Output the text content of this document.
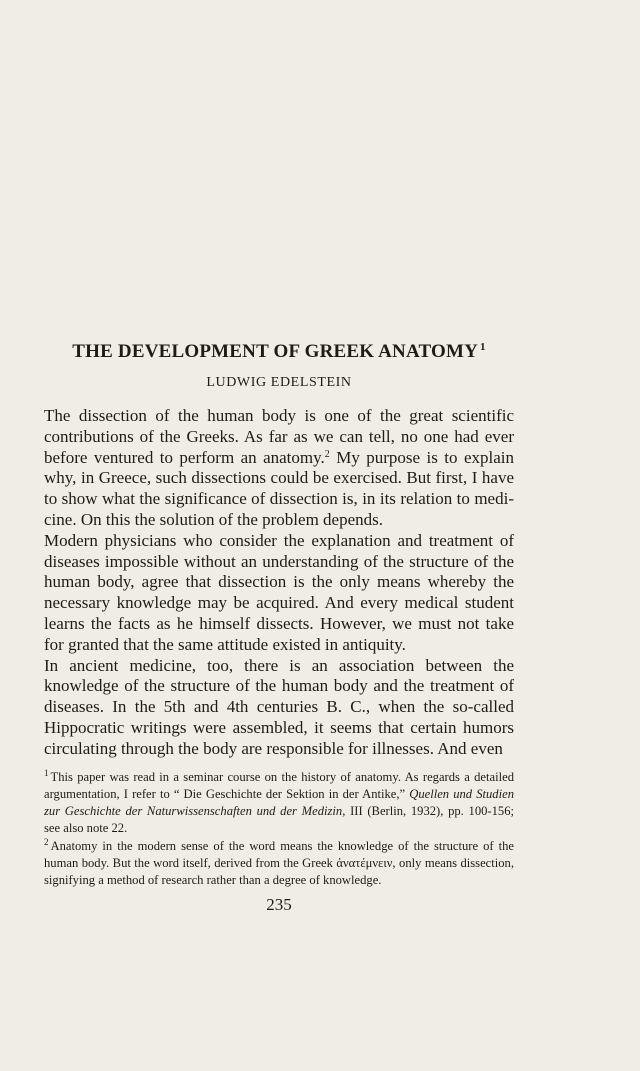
THE DEVELOPMENT OF GREEK ANATOMY $^1$
LUDWIG EDELSTEIN

The dissection of the human body is one of the great scientific contributions of the Greeks. As far as we can tell, no one had ever before ventured to perform an anatomy.$^2$ My purpose is to explain why, in Greece, such dissections could be exercised. But first, I have to show what the significance of dissection is, in its relation to medicine. On this the solution of the problem depends.

Modern physicians who consider the explanation and treatment of diseases impossible without an understanding of the structure of the human body, agree that dissection is the only means whereby the necessary knowledge may be acquired. And every medical student learns the facts as he himself dissects. However, we must not take for granted that the same attitude existed in antiquity.

In ancient medicine, too, there is an association between the knowledge of the structure of the human body and the treatment of diseases. In the 5th and 4th centuries B. C., when the so-called Hippocratic writings were assembled, it seems that certain humors circulating through the body are responsible for illnesses. And even

$^1$ This paper was read in a seminar course on the history of anatomy. As regards a detailed argumentation, I refer to “ Die Geschichte der Sektion in der Antike,” Quellen und Studien zur Geschichte der Naturwissenschaften und der Medizin, III (Berlin, 1932), pp. 100-156; see also note 22.

$^2$ Anatomy in the modern sense of the word means the knowledge of the structure of the human body. But the word itself, derived from the Greek ἀνατέμνειν, only means dissection, signifying a method of research rather than a degree of knowledge.

235
